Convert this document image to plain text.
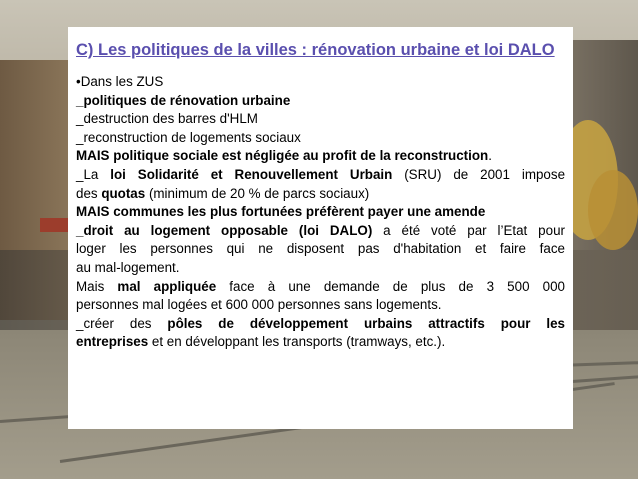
C) Les politiques de la villes : rénovation urbaine et loi DALO
•Dans les ZUS
_politiques de rénovation urbaine
_destruction des barres d'HLM
_reconstruction de logements sociaux
MAIS politique sociale est négligée au profit de la reconstruction.
_La loi Solidarité et Renouvellement Urbain (SRU) de 2001 impose
des quotas (minimum de 20 % de parcs sociaux)
MAIS communes les plus fortunées préfèrent payer une amende
_droit au logement opposable (loi DALO) a été voté par l’Etat pour
loger les personnes qui ne disposent pas d'habitation et faire face
au mal-logement.
Mais mal appliquée face à une demande de plus de 3 500 000
personnes mal logées et 600 000 personnes sans logements.
_créer des pôles de développement urbains attractifs pour les
entreprises et en développant les transports (tramways, etc.).
